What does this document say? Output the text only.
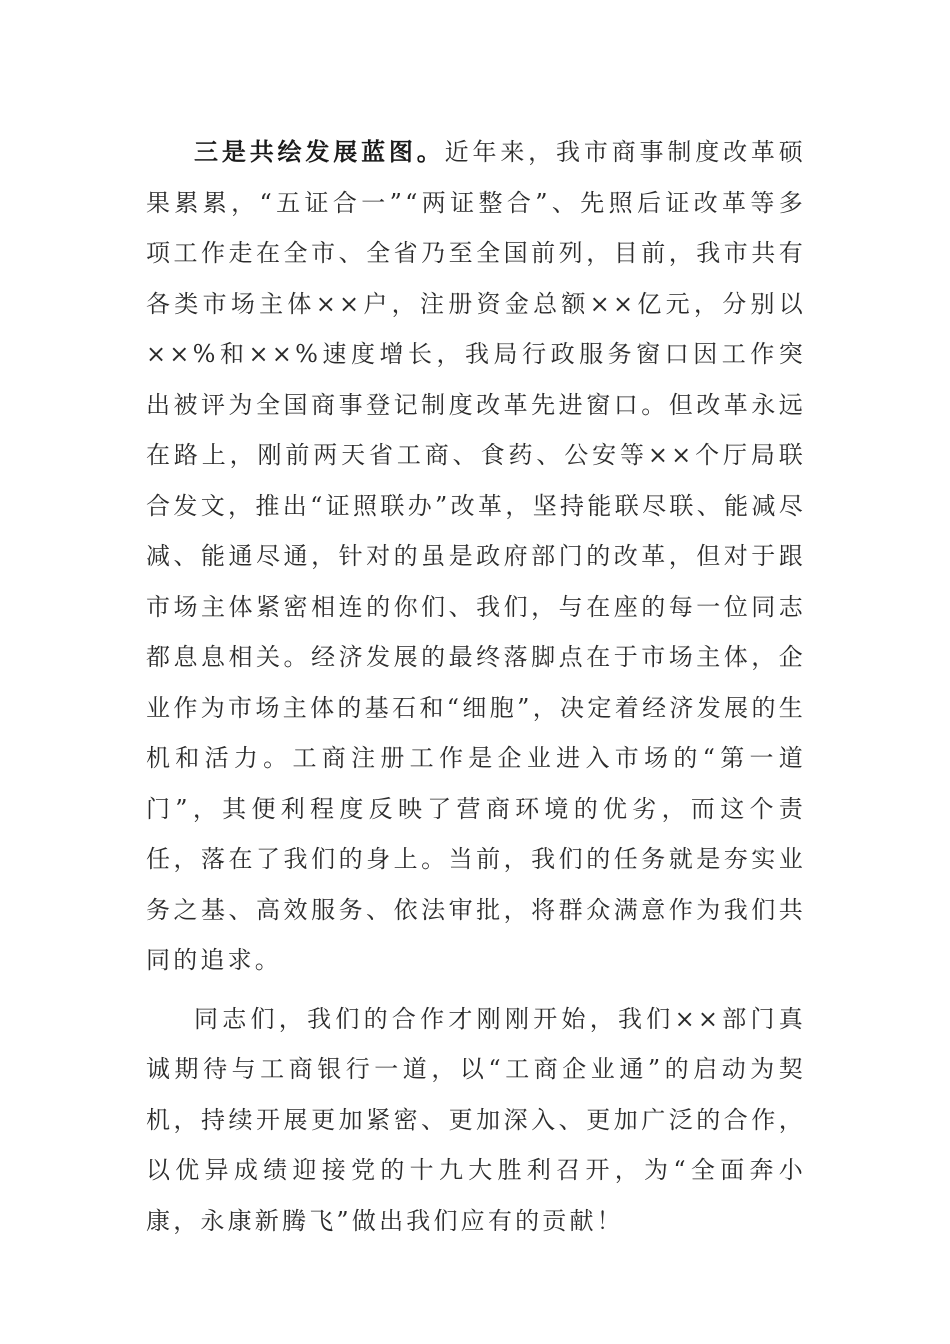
三是共绘发展蓝图。近年来，我市商事制度改革硕果累累，“五证合一”“两证整合”、先照后证改革等多项工作走在全市、全省乃至全国前列，目前，我市共有各类市场主体××户，注册资金总额××亿元，分别以××%和××%速度增长，我局行政服务窗口因工作突出被评为全国商事登记制度改革先进窗口。但改革永远在路上，刚前两天省工商、食药、公安等××个厅局联合发文，推出“证照联办”改革，坚持能联尽联、能减尽减、能通尽通，针对的虽是政府部门的改革，但对于跟市场主体紧密相连的你们、我们，与在座的每一位同志都息息相关。经济发展的最终落脚点在于市场主体，企业作为市场主体的基石和“细胞”，决定着经济发展的生机和活力。工商注册工作是企业进入市场的“第一道门”，其便利程度反映了营商环境的优劣，而这个责任，落在了我们的身上。当前，我们的任务就是夯实业务之基、高效服务、依法审批，将群众满意作为我们共同的追求。

同志们，我们的合作才刚刚开始，我们××部门真诚期待与工商银行一道，以“工商企业通”的启动为契机，持续开展更加紧密、更加深入、更加广泛的合作，以优异成绩迎接党的十九大胜利召开，为“全面奔小康，永康新腾飞”做出我们应有的贡献！
